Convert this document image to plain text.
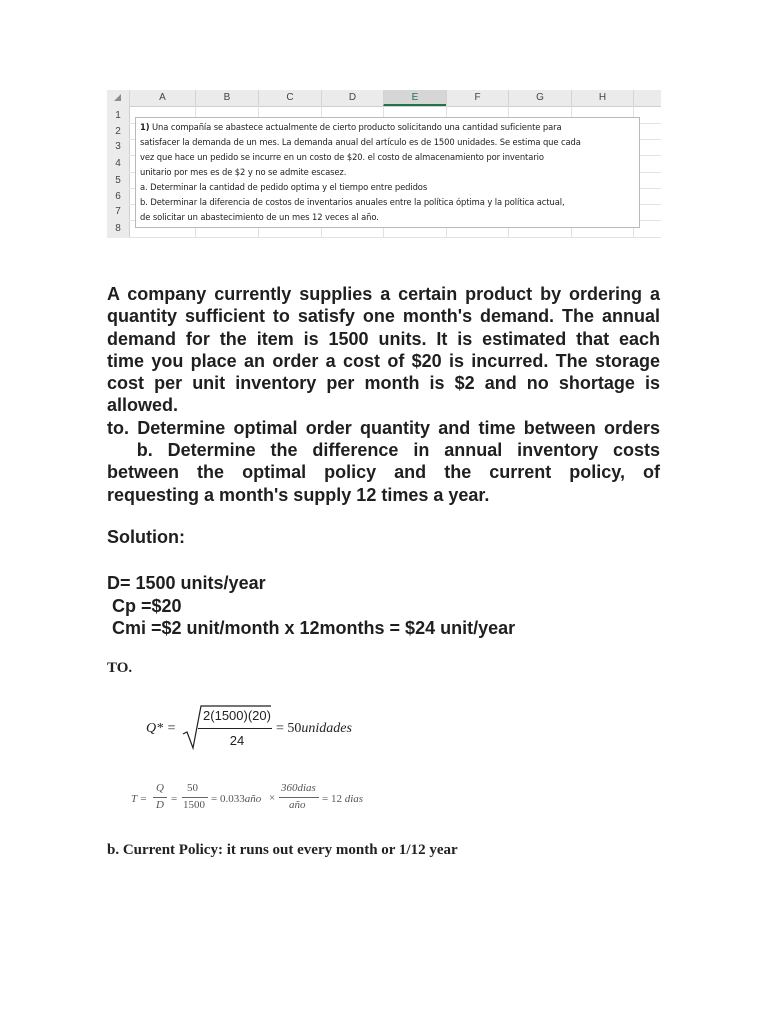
A	B	C	D	E	F	G	H
1
2
3
4
5
6
7
8
1) Una compañía se abastece actualmente de cierto producto solicitando una cantidad suficiente para
satisfacer la demanda de un mes. La demanda anual del artículo es de 1500 unidades. Se estima que cada
vez que hace un pedido se incurre en un costo de $20. el costo de almacenamiento por inventario
unitario por mes es de $2 y no se admite escasez.
a. Determinar la cantidad de pedido optima y el tiempo entre pedidos
b. Determinar la diferencia de costos de inventarios anuales entre la política óptima y la política actual,
de solicitar un abastecimiento de un mes 12 veces al año.
A company currently supplies a certain product by ordering a
quantity sufficient to satisfy one month's demand. The annual
demand for the item is 1500 units. It is estimated that each
time you place an order a cost of $20 is incurred. The storage
cost per unit inventory per month is $2 and no shortage is
allowed.
to. Determine optimal order quantity and time between orders
b. Determine the difference in annual inventory costs
between the optimal policy and the current policy, of
requesting a month's supply 12 times a year.
Solution:
D= 1500 units/year
Cp =$20
Cmi =$2 unit/month x 12months = $24 unit/year
TO.
Q* =
2(1500)(20)
24
= 50unidades
T =
Q
D =
50
1500 = 0.033año ×
360dias
año = 12 dias
b. Current Policy: it runs out every month or 1/12 year
